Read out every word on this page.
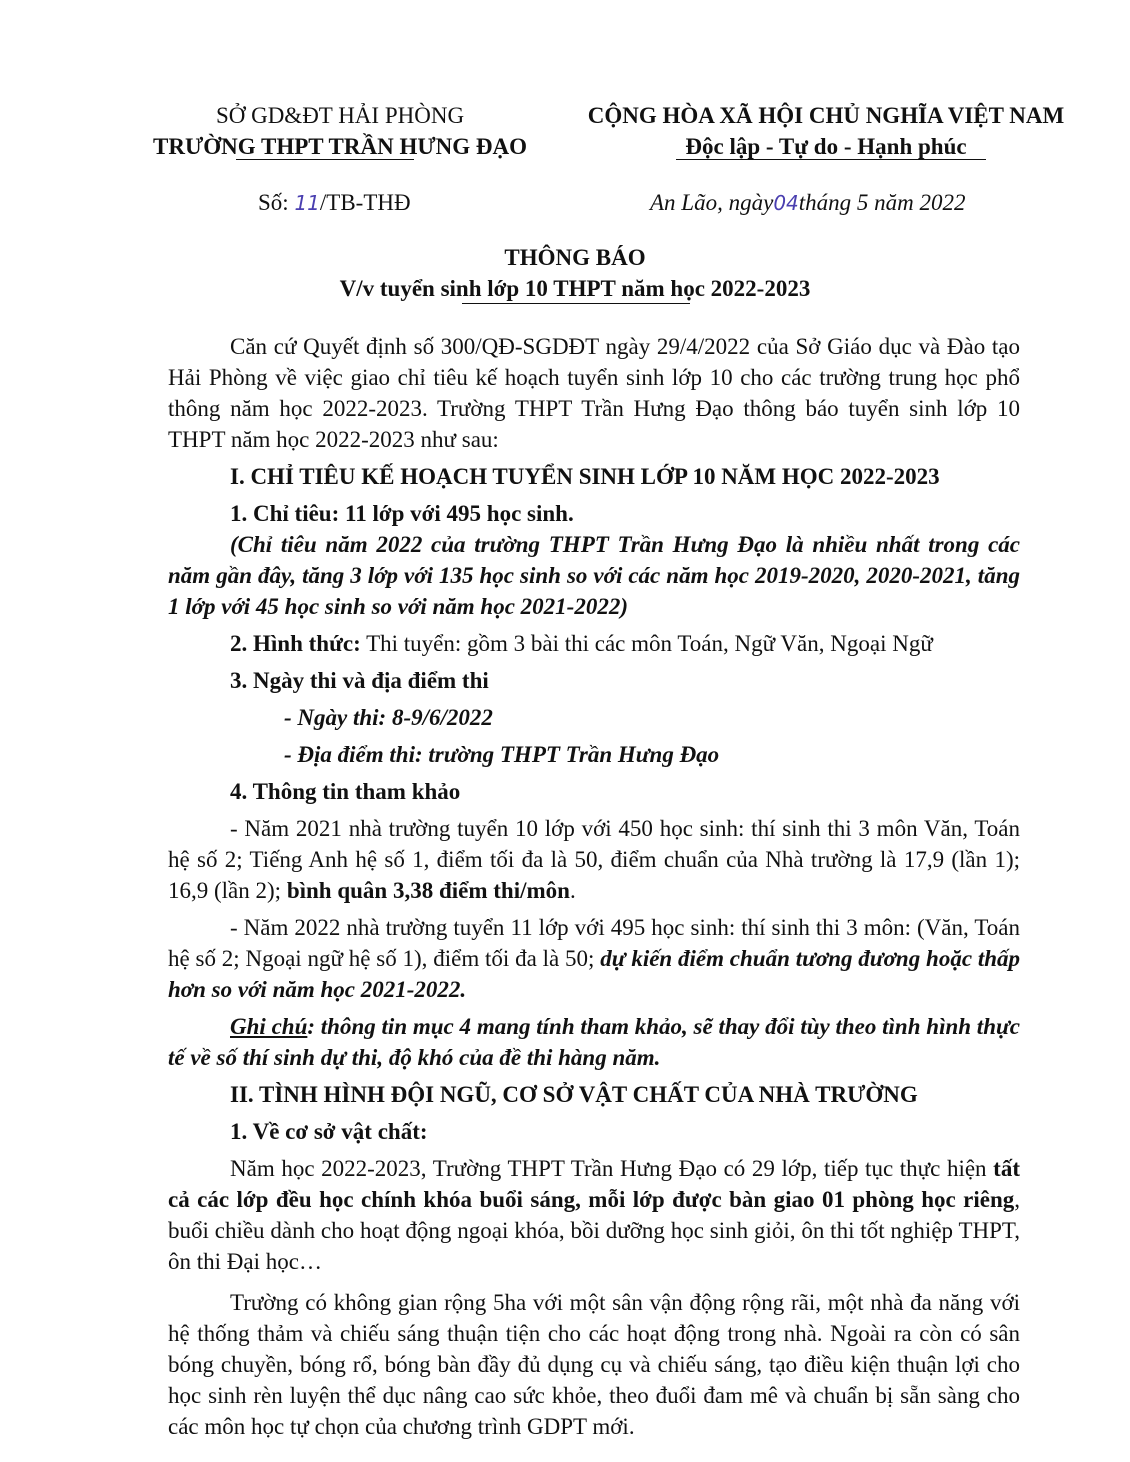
SỞ GD&ĐT HẢI PHÒNG
TRƯỜNG THPT TRẦN HƯNG ĐẠO
CỘNG HÒA XÃ HỘI CHỦ NGHĨA VIỆT NAM
Độc lập - Tự do - Hạnh phúc
Số: 11/TB-THĐ	An Lão, ngày04tháng 5 năm 2022
THÔNG BÁO
V/v tuyển sinh lớp 10 THPT năm học 2022-2023

Căn cứ Quyết định số 300/QĐ-SGDĐT ngày 29/4/2022 của Sở Giáo dục và Đào tạo Hải Phòng về việc giao chỉ tiêu kế hoạch tuyển sinh lớp 10 cho các trường trung học phổ thông năm học 2022-2023. Trường THPT Trần Hưng Đạo thông báo tuyển sinh lớp 10 THPT năm học 2022-2023 như sau:

I. CHỈ TIÊU KẾ HOẠCH TUYỂN SINH LỚP 10 NĂM HỌC 2022-2023

1. Chỉ tiêu: 11 lớp với 495 học sinh.

(Chỉ tiêu năm 2022 của trường THPT Trần Hưng Đạo là nhiều nhất trong các năm gần đây, tăng 3 lớp với 135 học sinh so với các năm học 2019-2020, 2020-2021, tăng 1 lớp với 45 học sinh so với năm học 2021-2022)

2. Hình thức: Thi tuyển: gồm 3 bài thi các môn Toán, Ngữ Văn, Ngoại Ngữ

3. Ngày thi và địa điểm thi

- Ngày thi: 8-9/6/2022

- Địa điểm thi: trường THPT Trần Hưng Đạo

4. Thông tin tham khảo

- Năm 2021 nhà trường tuyển 10 lớp với 450 học sinh: thí sinh thi 3 môn Văn, Toán hệ số 2; Tiếng Anh hệ số 1, điểm tối đa là 50, điểm chuẩn của Nhà trường là 17,9 (lần 1); 16,9 (lần 2); bình quân 3,38 điểm thi/môn.

- Năm 2022 nhà trường tuyển 11 lớp với 495 học sinh: thí sinh thi 3 môn: (Văn, Toán hệ số 2; Ngoại ngữ hệ số 1), điểm tối đa là 50; dự kiến điểm chuẩn tương đương hoặc thấp hơn so với năm học 2021-2022.

Ghi chú: thông tin mục 4 mang tính tham khảo, sẽ thay đổi tùy theo tình hình thực tế về số thí sinh dự thi, độ khó của đề thi hàng năm.

II. TÌNH HÌNH ĐỘI NGŨ, CƠ SỞ VẬT CHẤT CỦA NHÀ TRƯỜNG

1. Về cơ sở vật chất:

Năm học 2022-2023, Trường THPT Trần Hưng Đạo có 29 lớp, tiếp tục thực hiện tất cả các lớp đều học chính khóa buổi sáng, mỗi lớp được bàn giao 01 phòng học riêng, buổi chiều dành cho hoạt động ngoại khóa, bồi dưỡng học sinh giỏi, ôn thi tốt nghiệp THPT, ôn thi Đại học…

Trường có không gian rộng 5ha với một sân vận động rộng rãi, một nhà đa năng với hệ thống thảm và chiếu sáng thuận tiện cho các hoạt động trong nhà. Ngoài ra còn có sân bóng chuyền, bóng rổ, bóng bàn đầy đủ dụng cụ và chiếu sáng, tạo điều kiện thuận lợi cho học sinh rèn luyện thể dục nâng cao sức khỏe, theo đuổi đam mê và chuẩn bị sẵn sàng cho các môn học tự chọn của chương trình GDPT mới.
